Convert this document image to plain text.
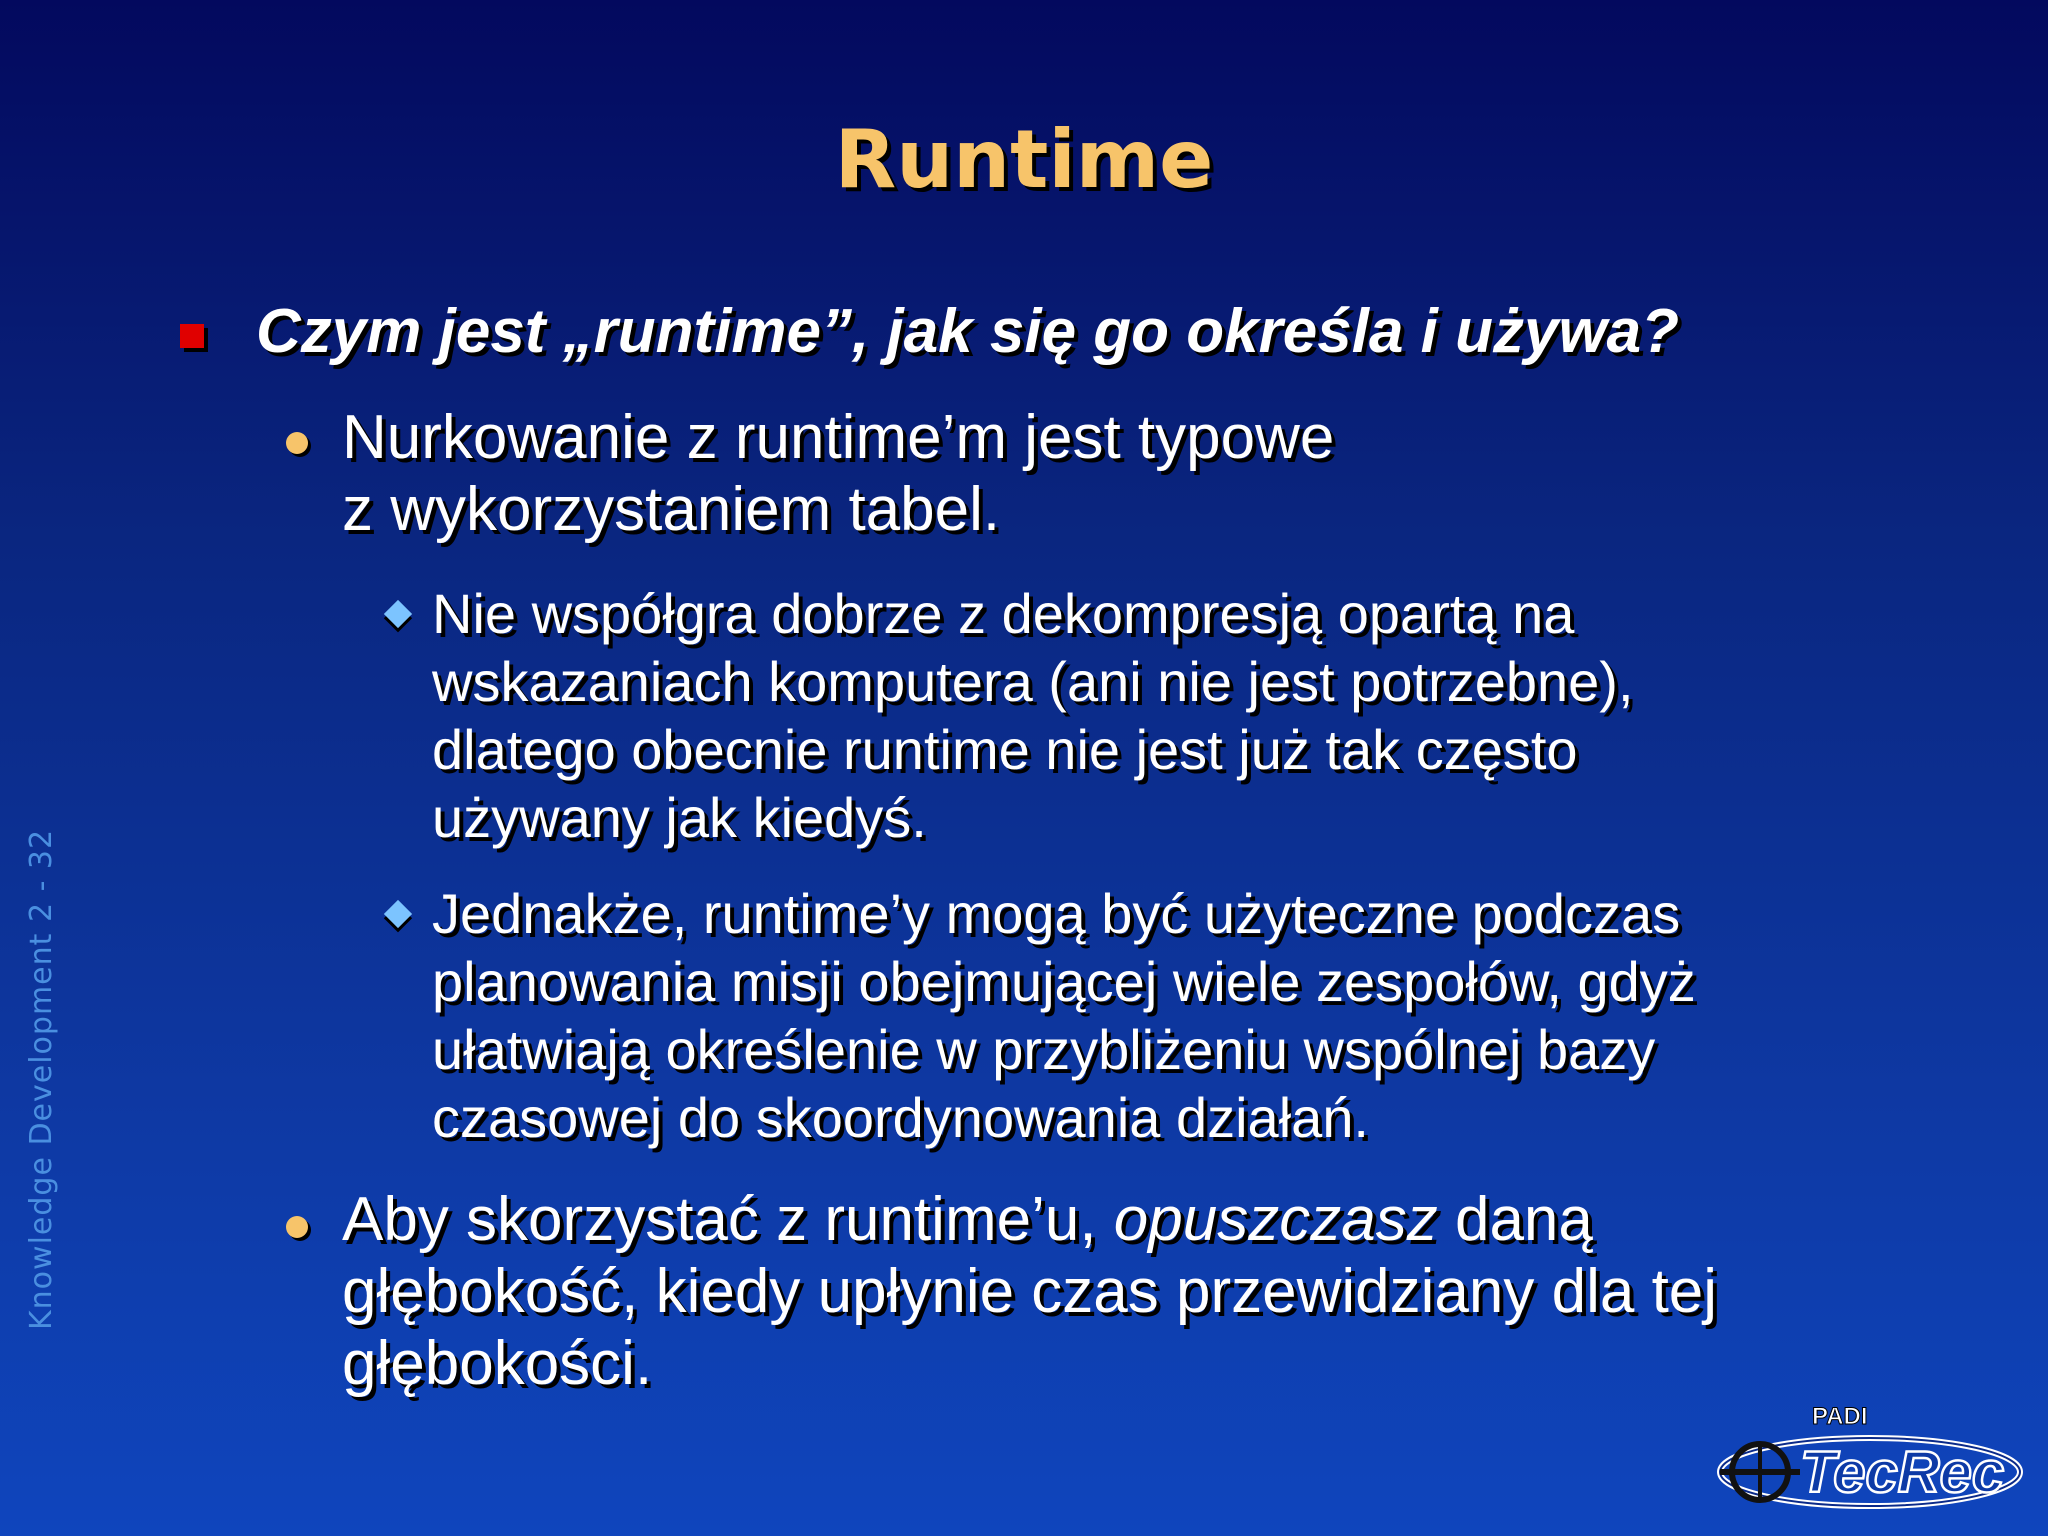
Runtime
Knowledge Development 2 - 32
Czym jest „runtime”, jak się go określa i używa?
Nurkowanie z runtime’m jest typowe
z wykorzystaniem tabel.
Nie współgra dobrze z dekompresją opartą na
wskazaniach komputera (ani nie jest potrzebne),
dlatego obecnie runtime nie jest już tak często
używany jak kiedyś.
Jednakże, runtime’y mogą być użyteczne podczas
planowania misji obejmującej wiele zespołów, gdyż
ułatwiają określenie w przybliżeniu wspólnej bazy
czasowej do skoordynowania działań.
Aby skorzystać z runtime’u, opuszczasz daną
głębokość, kiedy upłynie czas przewidziany dla tej
głębokości.
PADI
TecRec
